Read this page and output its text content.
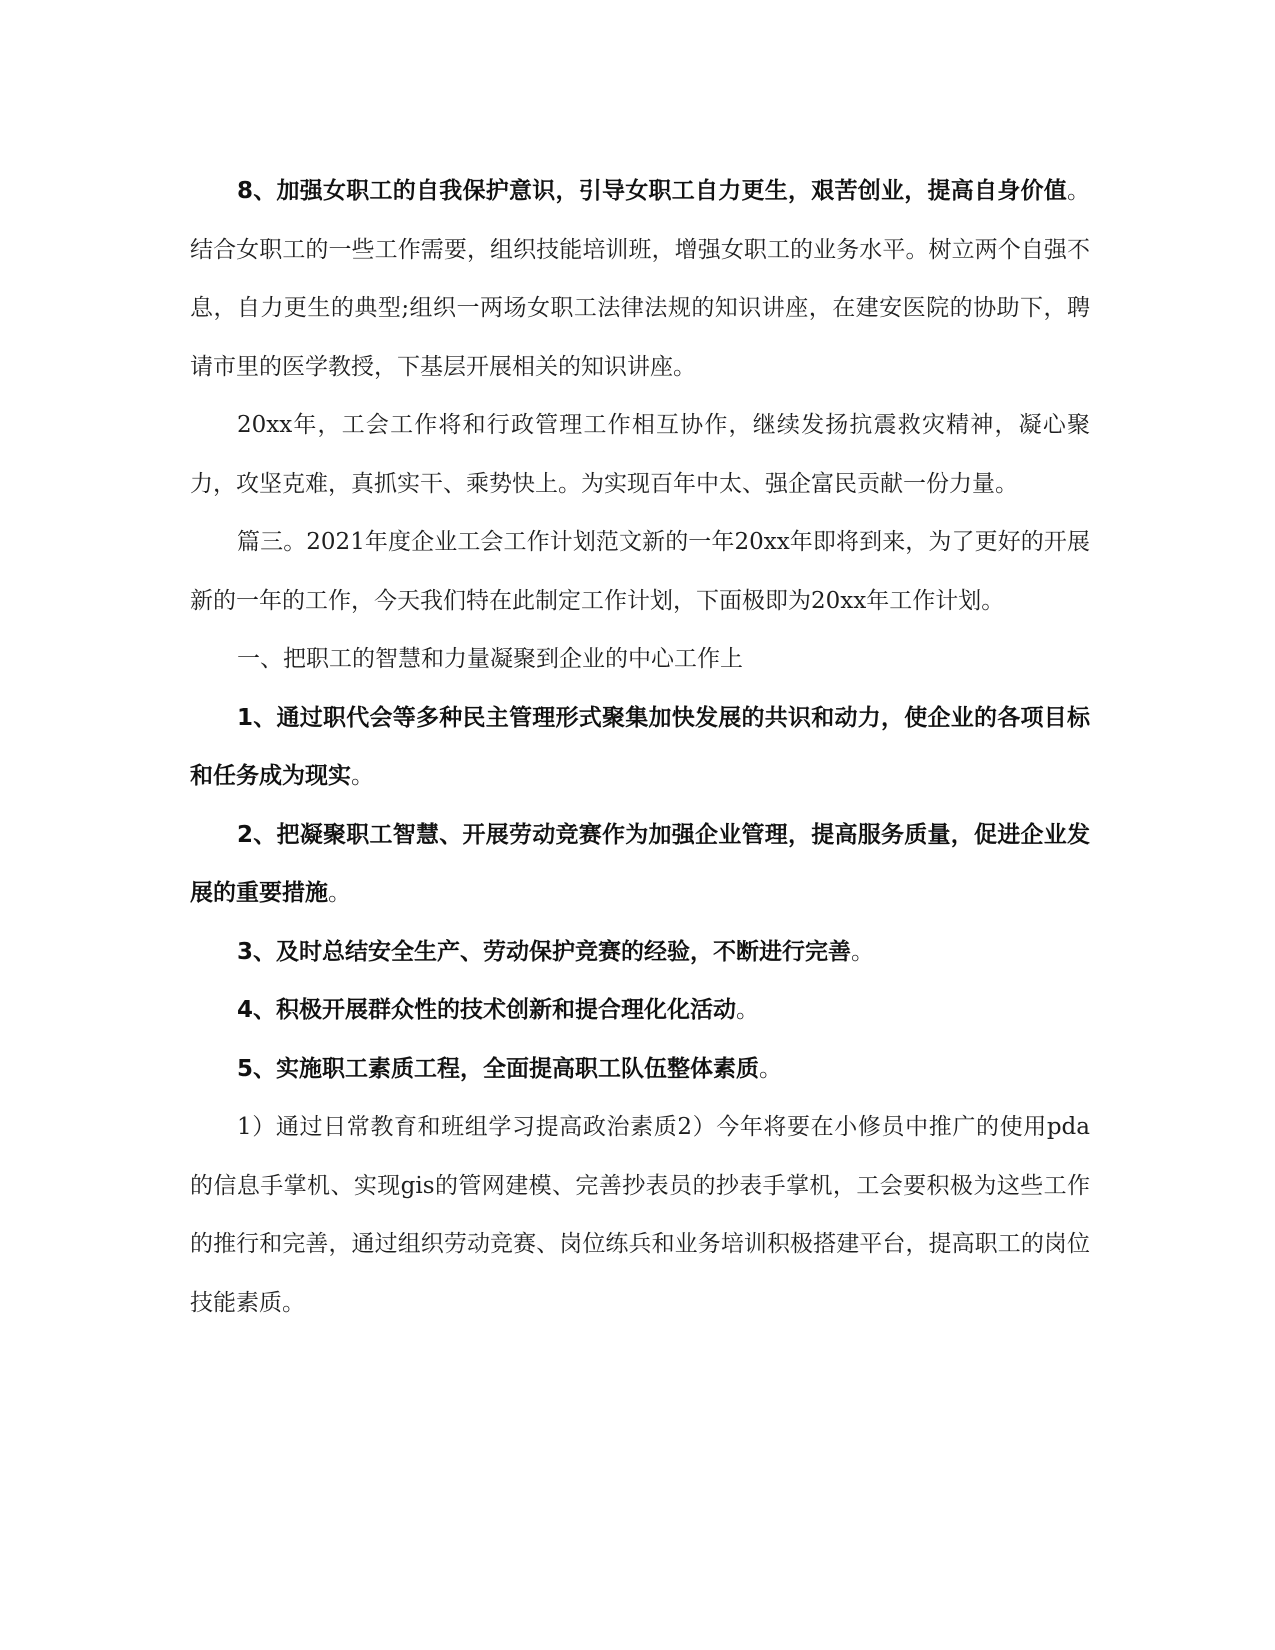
8、加强女职工的自我保护意识，引导女职工自力更生，艰苦创业，提高自身价值。结合女职工的一些工作需要，组织技能培训班，增强女职工的业务水平。树立两个自强不息，自力更生的典型;组织一两场女职工法律法规的知识讲座，在建安医院的协助下，聘请市里的医学教授，下基层开展相关的知识讲座。

20xx年，工会工作将和行政管理工作相互协作，继续发扬抗震救灾精神，凝心聚力，攻坚克难，真抓实干、乘势快上。为实现百年中太、强企富民贡献一份力量。

篇三。2021年度企业工会工作计划范文新的一年20xx年即将到来，为了更好的开展新的一年的工作，今天我们特在此制定工作计划，下面极即为20xx年工作计划。

一、把职工的智慧和力量凝聚到企业的中心工作上

1、通过职代会等多种民主管理形式聚集加快发展的共识和动力，使企业的各项目标和任务成为现实。

2、把凝聚职工智慧、开展劳动竞赛作为加强企业管理，提高服务质量，促进企业发展的重要措施。

3、及时总结安全生产、劳动保护竞赛的经验，不断进行完善。

4、积极开展群众性的技术创新和提合理化化活动。

5、实施职工素质工程，全面提高职工队伍整体素质。

1）通过日常教育和班组学习提高政治素质2）今年将要在小修员中推广的使用pda的信息手掌机、实现gis的管网建模、完善抄表员的抄表手掌机，工会要积极为这些工作的推行和完善，通过组织劳动竞赛、岗位练兵和业务培训积极搭建平台，提高职工的岗位技能素质。
